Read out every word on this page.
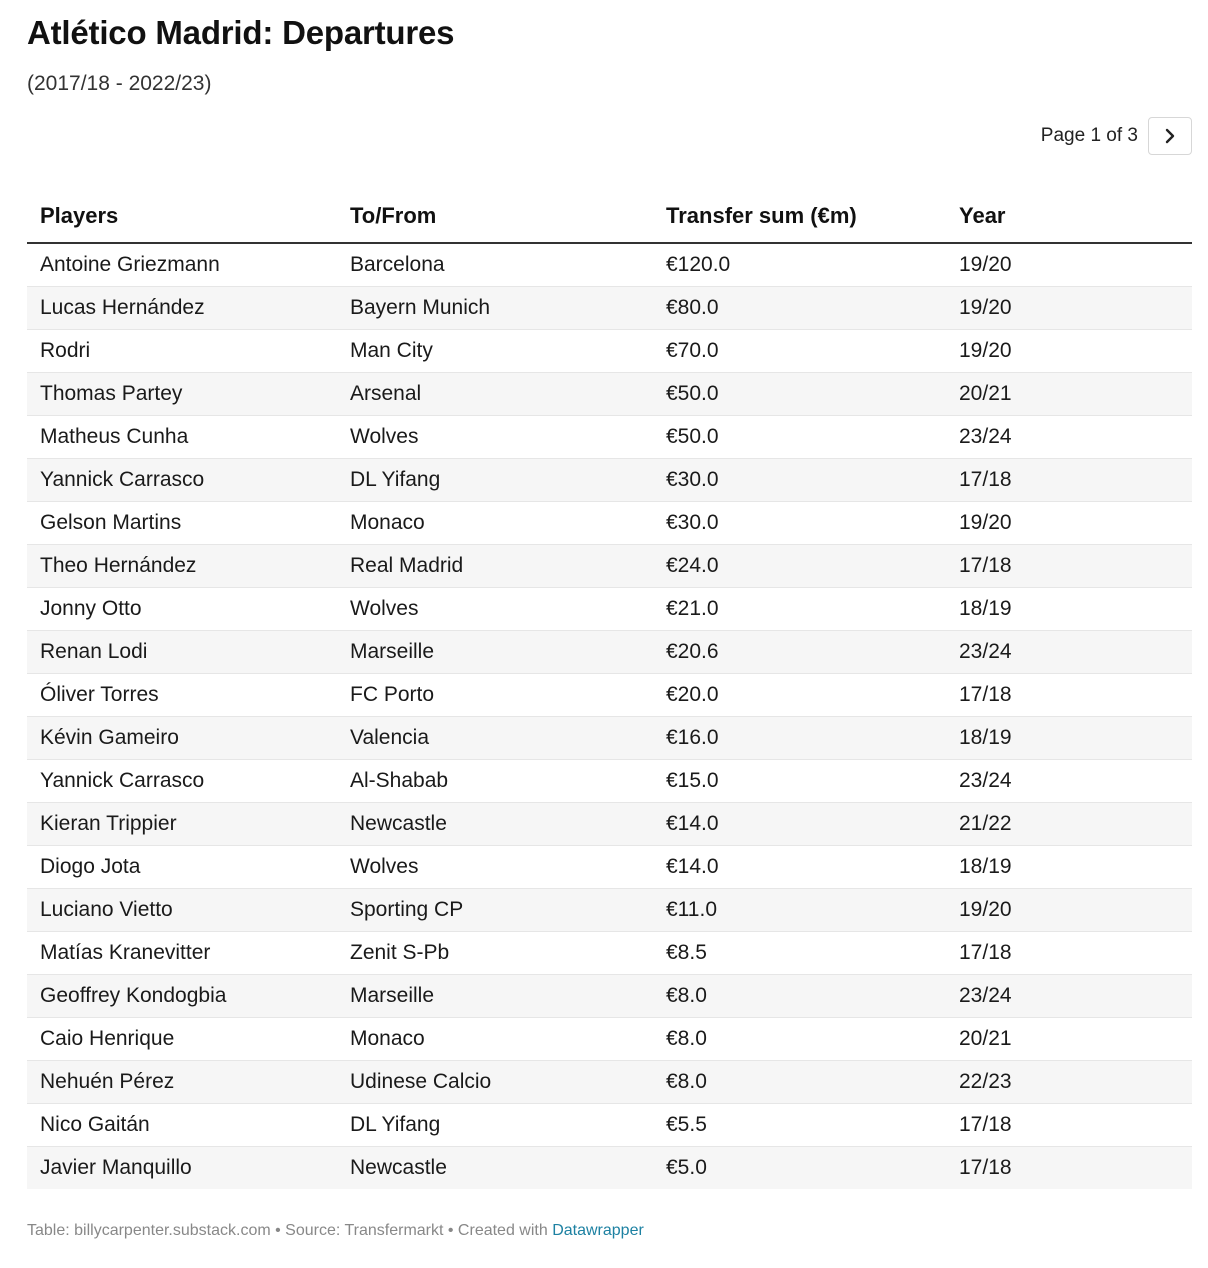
Atlético Madrid: Departures
(2017/18 - 2022/23)
Page 1 of 3
Players	To/From	Transfer sum (€m)	Year
Antoine Griezmann	Barcelona	€120.0	19/20
Lucas Hernández	Bayern Munich	€80.0	19/20
Rodri	Man City	€70.0	19/20
Thomas Partey	Arsenal	€50.0	20/21
Matheus Cunha	Wolves	€50.0	23/24
Yannick Carrasco	DL Yifang	€30.0	17/18
Gelson Martins	Monaco	€30.0	19/20
Theo Hernández	Real Madrid	€24.0	17/18
Jonny Otto	Wolves	€21.0	18/19
Renan Lodi	Marseille	€20.6	23/24
Óliver Torres	FC Porto	€20.0	17/18
Kévin Gameiro	Valencia	€16.0	18/19
Yannick Carrasco	Al-Shabab	€15.0	23/24
Kieran Trippier	Newcastle	€14.0	21/22
Diogo Jota	Wolves	€14.0	18/19
Luciano Vietto	Sporting CP	€11.0	19/20
Matías Kranevitter	Zenit S-Pb	€8.5	17/18
Geoffrey Kondogbia	Marseille	€8.0	23/24
Caio Henrique	Monaco	€8.0	20/21
Nehuén Pérez	Udinese Calcio	€8.0	22/23
Nico Gaitán	DL Yifang	€5.5	17/18
Javier Manquillo	Newcastle	€5.0	17/18
Table: billycarpenter.substack.com • Source: Transfermarkt • Created with Datawrapper
